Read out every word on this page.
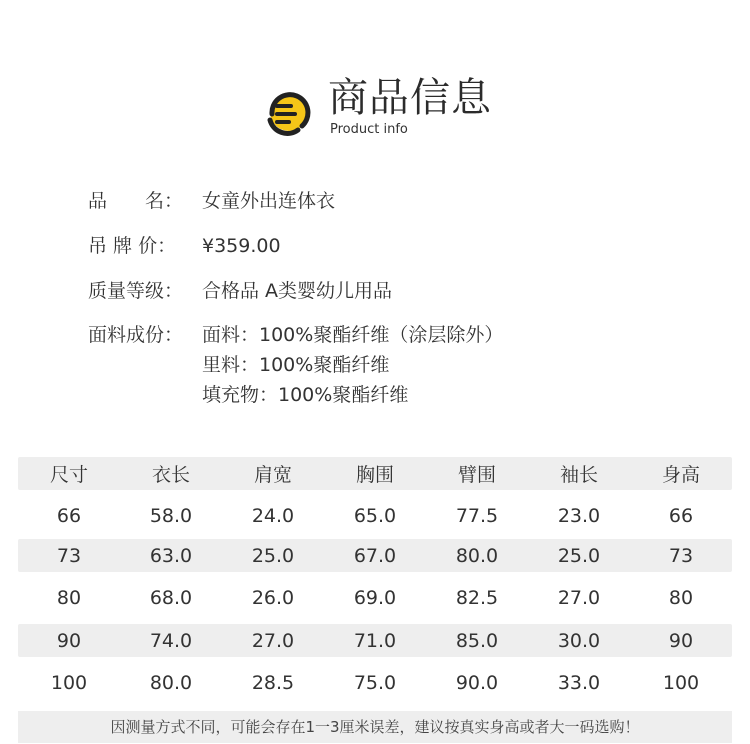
商品信息
Product info
品　　名： 女童外出连体衣
吊 牌 价： ¥359.00
质量等级： 合格品 A类婴幼儿用品
面料成份： 面料：100%聚酯纤维（涂层除外）
里料：100%聚酯纤维
填充物：100%聚酯纤维
尺寸	衣长	肩宽	胸围	臂围	袖长	身高
66	58.0	24.0	65.0	77.5	23.0	66
73	63.0	25.0	67.0	80.0	25.0	73
80	68.0	26.0	69.0	82.5	27.0	80
90	74.0	27.0	71.0	85.0	30.0	90
100	80.0	28.5	75.0	90.0	33.0	100
因测量方式不同，可能会存在1一3厘米误差，建议按真实身高或者大一码选购！
